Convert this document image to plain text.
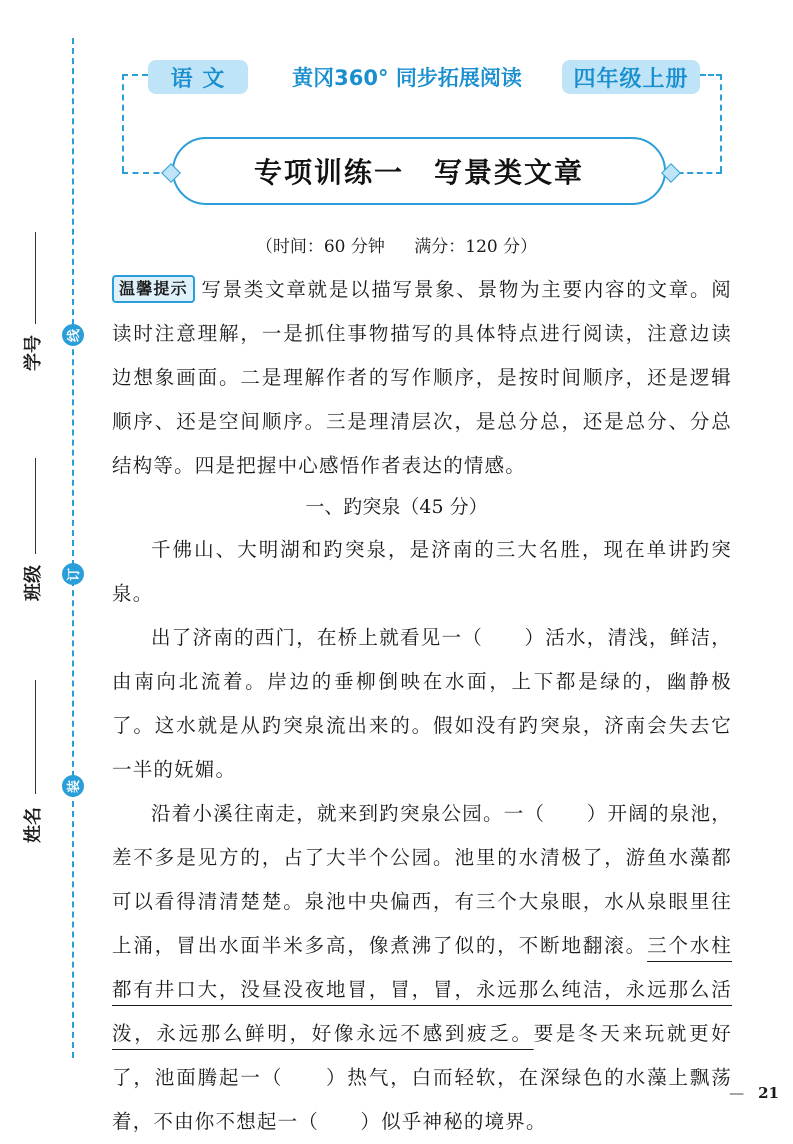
学号
班级
姓名
线
订
装
语 文	黄冈360° 同步拓展阅读	四年级上册
专项训练一　写景类文章
（时间：60 分钟 满分：120 分）
温馨提示 写景类文章就是以描写景象、景物为主要内容的文章。阅读时注意理解，一是抓住事物描写的具体特点进行阅读，注意边读边想象画面。二是理解作者的写作顺序，是按时间顺序，还是逻辑顺序、还是空间顺序。三是理清层次，是总分总，还是总分、分总结构等。四是把握中心感悟作者表达的情感。
一、趵突泉（45 分）

千佛山、大明湖和趵突泉，是济南的三大名胜，现在单讲趵突泉。

出了济南的西门，在桥上就看见一（　　）活水，清浅，鲜洁，由南向北流着。岸边的垂柳倒映在水面，上下都是绿的，幽静极了。这水就是从趵突泉流出来的。假如没有趵突泉，济南会失去它一半的妩媚。

沿着小溪往南走，就来到趵突泉公园。一（　　）开阔的泉池，差不多是见方的，占了大半个公园。池里的水清极了，游鱼水藻都可以看得清清楚楚。泉池中央偏西，有三个大泉眼，水从泉眼里往上涌，冒出水面半米多高，像煮沸了似的，不断地翻滚。三个水柱都有井口大，没昼没夜地冒，冒，冒，永远那么纯洁，永远那么活泼，永远那么鲜明，好像永远不感到疲乏。要是冬天来玩就更好了，池面腾起一（　　）热气，白而轻软，在深绿色的水藻上飘荡着，不由你不想起一（　　）似乎神秘的境界。

— 21
